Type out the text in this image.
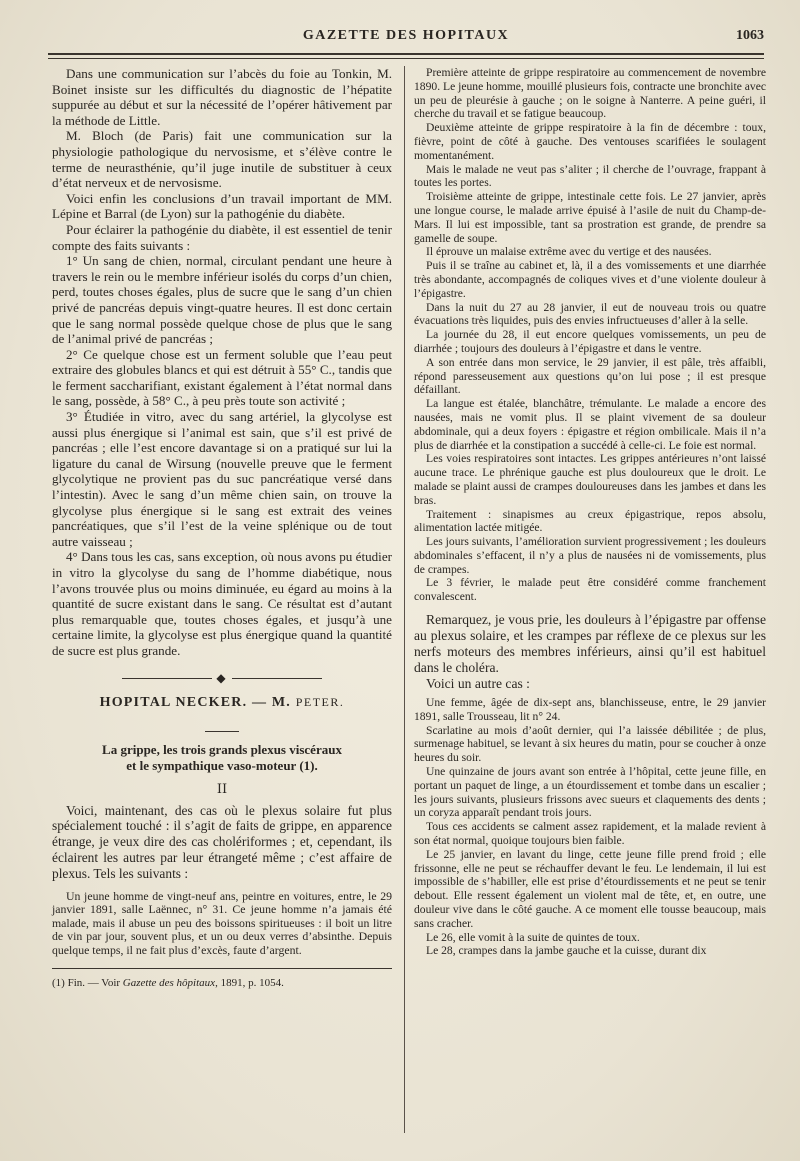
GAZETTE DES HOPITAUX	1063

Dans une communication sur l’abcès du foie au Tonkin, M. Boinet insiste sur les difficultés du diagnostic de l’hépatite suppurée au début et sur la nécessité de l’opérer hâtivement par la méthode de Little.

M. Bloch (de Paris) fait une communication sur la physiologie pathologique du nervosisme, et s’élève contre le terme de neurasthénie, qu’il juge inutile de substituer à ceux d’état nerveux et de nervosisme.

Voici enfin les conclusions d’un travail important de MM. Lépine et Barral (de Lyon) sur la pathogénie du diabète.

Pour éclairer la pathogénie du diabète, il est essentiel de tenir compte des faits suivants :

1° Un sang de chien, normal, circulant pendant une heure à travers le rein ou le membre inférieur isolés du corps d’un chien, perd, toutes choses égales, plus de sucre que le sang d’un chien privé de pancréas depuis vingt-quatre heures. Il est donc certain que le sang normal possède quelque chose de plus que le sang de l’animal privé de pancréas ;

2° Ce quelque chose est un ferment soluble que l’eau peut extraire des globules blancs et qui est détruit à 55° C., tandis que le ferment saccharifiant, existant également à l’état normal dans le sang, possède, à 58° C., à peu près toute son activité ;

3° Étudiée in vitro, avec du sang artériel, la glycolyse est aussi plus énergique si l’animal est sain, que s’il est privé de pancréas ; elle l’est encore davantage si on a pratiqué sur lui la ligature du canal de Wirsung (nouvelle preuve que le ferment glycolytique ne provient pas du suc pancréatique versé dans l’intestin). Avec le sang d’un même chien sain, on trouve la glycolyse plus énergique si le sang est extrait des veines pancréatiques, que s’il l’est de la veine splénique ou de tout autre vaisseau ;

4° Dans tous les cas, sans exception, où nous avons pu étudier in vitro la glycolyse du sang de l’homme diabétique, nous l’avons trouvée plus ou moins diminuée, eu égard au moins à la quantité de sucre existant dans le sang. Ce résultat est d’autant plus remarquable que, toutes choses égales, et jusqu’à une certaine limite, la glycolyse est plus énergique quand la quantité de sucre est plus grande.

◆
HOPITAL NECKER. — M. PETER.
La grippe, les trois grands plexus viscéraux
et le sympathique vaso-moteur (1).
II

Voici, maintenant, des cas où le plexus solaire fut plus spécialement touché : il s’agit de faits de grippe, en apparence étrange, je veux dire des cas cholériformes ; et, cependant, ils éclairent les autres par leur étrangeté même ; c’est affaire de plexus. Tels les suivants :

Un jeune homme de vingt-neuf ans, peintre en voitures, entre, le 29 janvier 1891, salle Laënnec, n° 31. Ce jeune homme n’a jamais été malade, mais il abuse un peu des boissons spiritueuses : il boit un litre de vin par jour, souvent plus, et un ou deux verres d’absinthe. Depuis quelque temps, il ne fait plus d’excès, faute d’argent.

(1) Fin. — Voir Gazette des hôpitaux, 1891, p. 1054.

Première atteinte de grippe respiratoire au commencement de novembre 1890. Le jeune homme, mouillé plusieurs fois, contracte une bronchite avec un peu de pleurésie à gauche ; on le soigne à Nanterre. A peine guéri, il cherche du travail et se fatigue beaucoup.

Deuxième atteinte de grippe respiratoire à la fin de décembre : toux, fièvre, point de côté à gauche. Des ventouses scarifiées le soulagent momentanément.

Mais le malade ne veut pas s’aliter ; il cherche de l’ouvrage, frappant à toutes les portes.

Troisième atteinte de grippe, intestinale cette fois. Le 27 janvier, après une longue course, le malade arrive épuisé à l’asile de nuit du Champ-de-Mars. Il lui est impossible, tant sa prostration est grande, de prendre sa gamelle de soupe.

Il éprouve un malaise extrême avec du vertige et des nausées.

Puis il se traîne au cabinet et, là, il a des vomissements et une diarrhée très abondante, accompagnés de coliques vives et d’une violente douleur à l’épigastre.

Dans la nuit du 27 au 28 janvier, il eut de nouveau trois ou quatre évacuations très liquides, puis des envies infructueuses d’aller à la selle.

La journée du 28, il eut encore quelques vomissements, un peu de diarrhée ; toujours des douleurs à l’épigastre et dans le ventre.

A son entrée dans mon service, le 29 janvier, il est pâle, très affaibli, répond paresseusement aux questions qu’on lui pose ; il est presque défaillant.

La langue est étalée, blanchâtre, trémulante. Le malade a encore des nausées, mais ne vomit plus. Il se plaint vivement de sa douleur abdominale, qui a deux foyers : épigastre et région ombilicale. Mais il n’a plus de diarrhée et la constipation a succédé à celle-ci. Le foie est normal.

Les voies respiratoires sont intactes. Les grippes antérieures n’ont laissé aucune trace. Le phrénique gauche est plus douloureux que le droit. Le malade se plaint aussi de crampes douloureuses dans les jambes et dans les bras.

Traitement : sinapismes au creux épigastrique, repos absolu, alimentation lactée mitigée.

Les jours suivants, l’amélioration survient progressivement ; les douleurs abdominales s’effacent, il n’y a plus de nausées ni de vomissements, plus de crampes.

Le 3 février, le malade peut être considéré comme franchement convalescent.

Remarquez, je vous prie, les douleurs à l’épigastre par offense au plexus solaire, et les crampes par réflexe de ce plexus sur les nerfs moteurs des membres inférieurs, ainsi qu’il est habituel dans le choléra.

Voici un autre cas :

Une femme, âgée de dix-sept ans, blanchisseuse, entre, le 29 janvier 1891, salle Trousseau, lit n° 24.

Scarlatine au mois d’août dernier, qui l’a laissée débilitée ; de plus, surmenage habituel, se levant à six heures du matin, pour se coucher à onze heures du soir.

Une quinzaine de jours avant son entrée à l’hôpital, cette jeune fille, en portant un paquet de linge, a un étourdissement et tombe dans un escalier ; les jours suivants, plusieurs frissons avec sueurs et claquements des dents ; un coryza apparaît pendant trois jours.

Tous ces accidents se calment assez rapidement, et la malade revient à son état normal, quoique toujours bien faible.

Le 25 janvier, en lavant du linge, cette jeune fille prend froid ; elle frissonne, elle ne peut se réchauffer devant le feu. Le lendemain, il lui est impossible de s’habiller, elle est prise d’étourdissements et ne peut se tenir debout. Elle ressent également un violent mal de tête, et, en outre, une douleur vive dans le côté gauche. A ce moment elle tousse beaucoup, mais sans cracher.

Le 26, elle vomit à la suite de quintes de toux.

Le 28, crampes dans la jambe gauche et la cuisse, durant dix
